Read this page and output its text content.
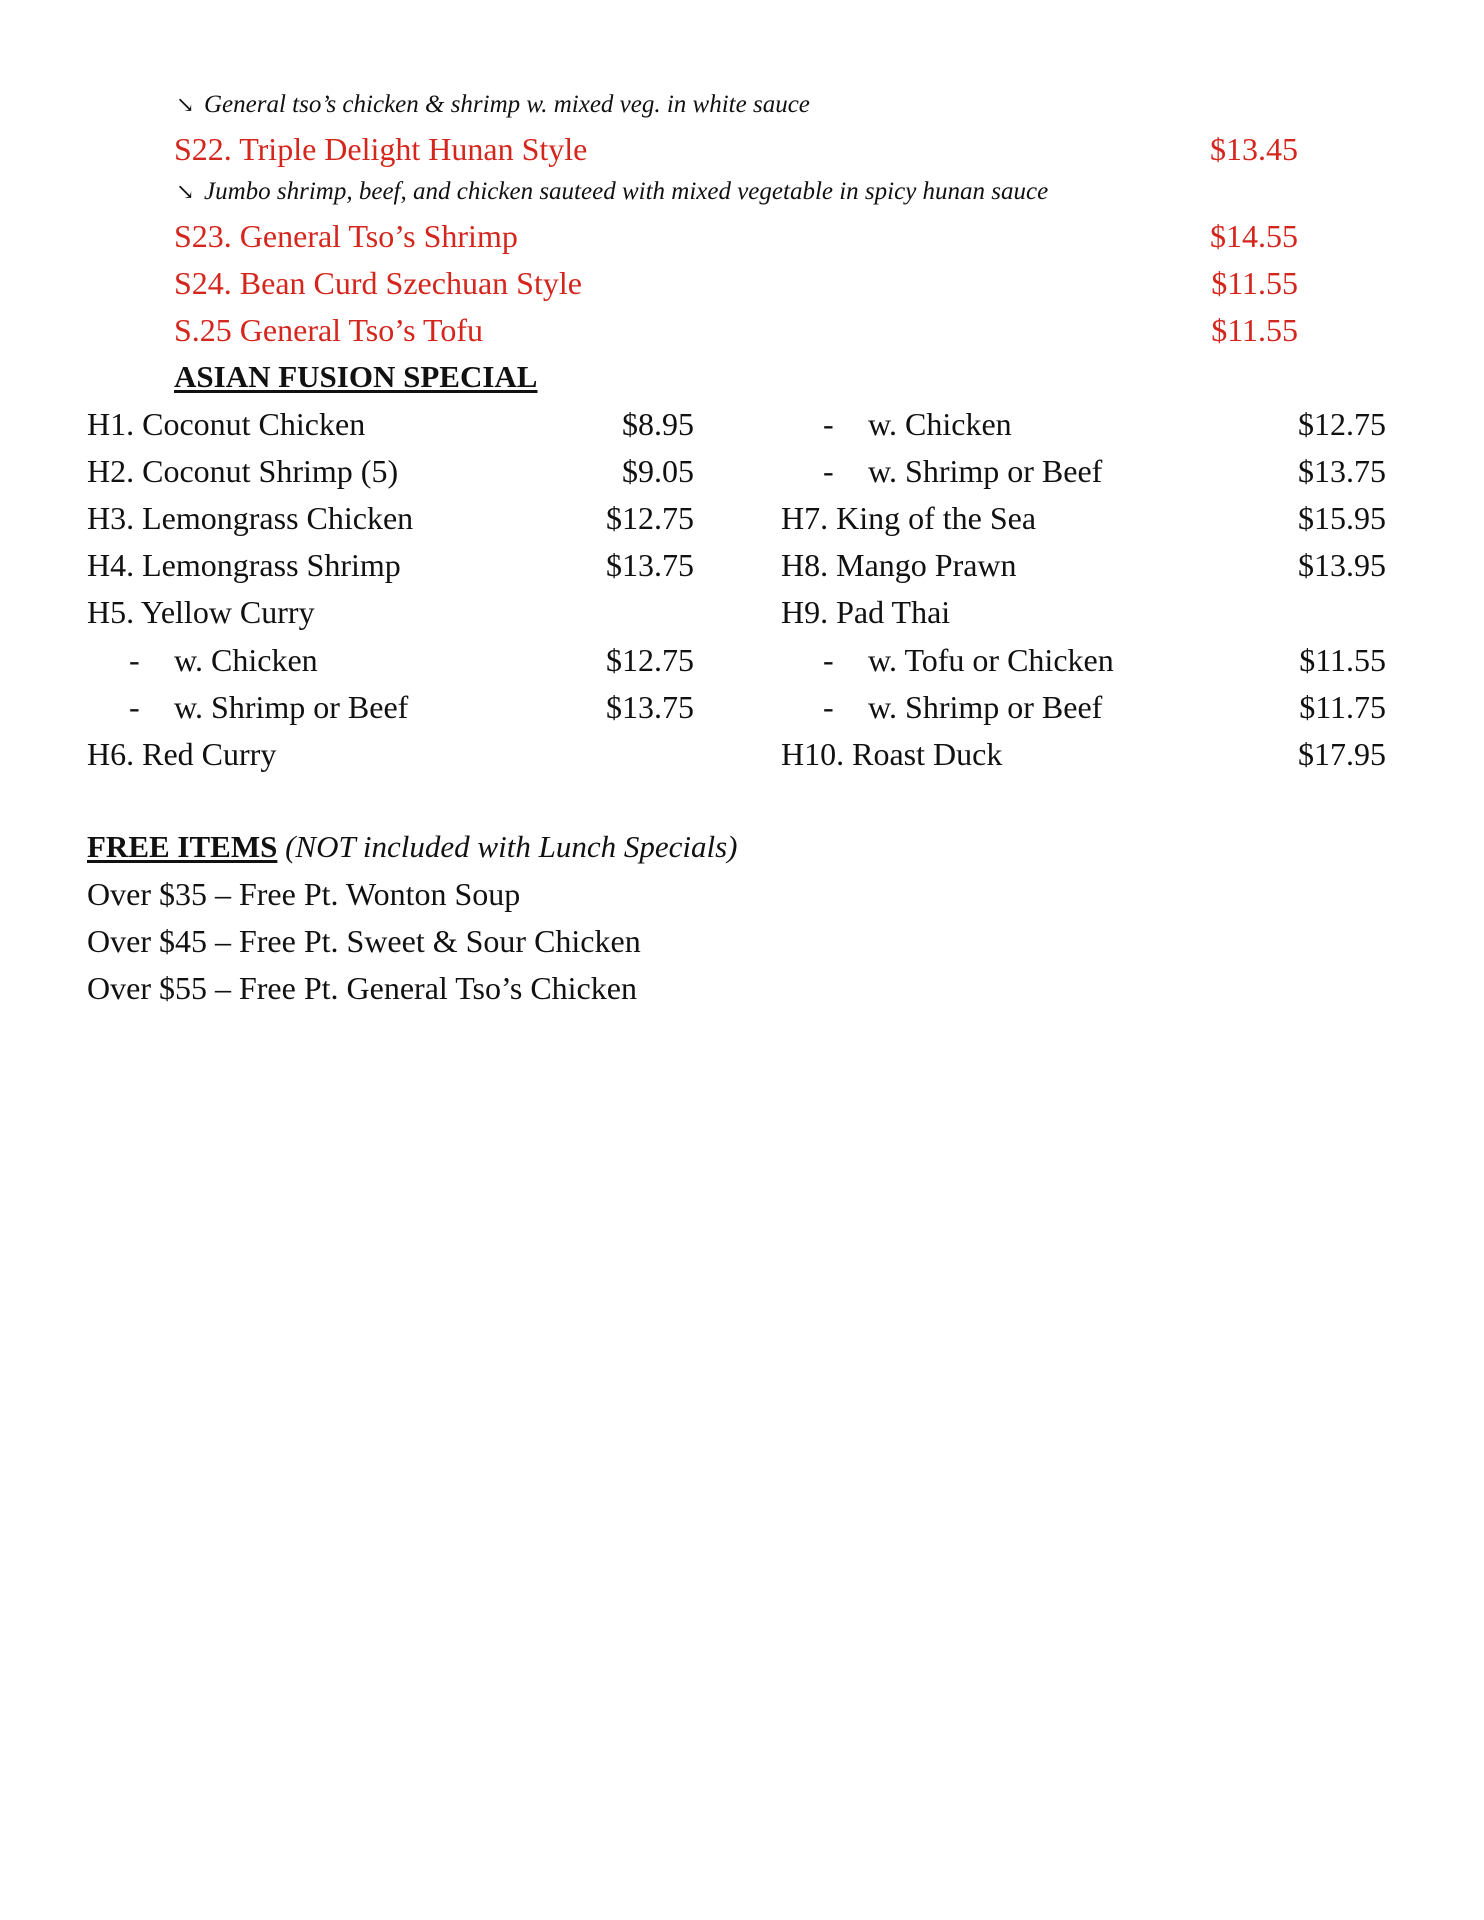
↘ General tso’s chicken & shrimp w. mixed veg. in white sauce
S22. Triple Delight Hunan Style	$13.45
↘ Jumbo shrimp, beef, and chicken sauteed with mixed vegetable in spicy hunan sauce
S23. General Tso’s Shrimp	$14.55
S24. Bean Curd Szechuan Style	$11.55
S.25 General Tso’s Tofu	$11.55
ASIAN FUSION SPECIAL
H1. Coconut Chicken	$8.95
H2. Coconut Shrimp (5)	$9.05
H3. Lemongrass Chicken	$12.75
H4. Lemongrass Shrimp	$13.75
H5. Yellow Curry
- w. Chicken	$12.75
- w. Shrimp or Beef	$13.75
H6. Red Curry
- w. Chicken	$12.75
- w. Shrimp or Beef	$13.75
H7. King of the Sea	$15.95
H8. Mango Prawn	$13.95
H9. Pad Thai
- w. Tofu or Chicken	$11.55
- w. Shrimp or Beef	$11.75
H10. Roast Duck	$17.95
FREE ITEMS (NOT included with Lunch Specials)
Over $35 – Free Pt. Wonton Soup
Over $45 – Free Pt. Sweet & Sour Chicken
Over $55 – Free Pt. General Tso’s Chicken
